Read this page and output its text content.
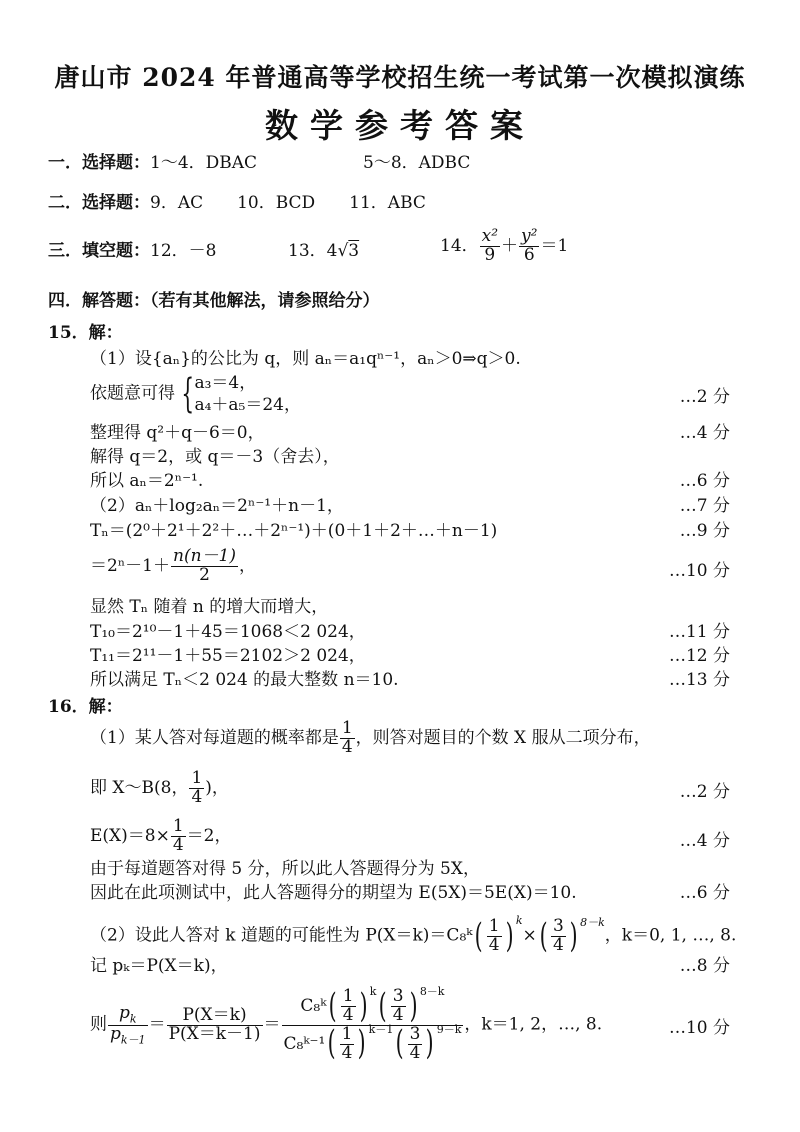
唐山市 2024 年普通高等学校招生统一考试第一次模拟演练
数学参考答案
一．选择题：1～4．DBAC	5～8．ADBC
二．选择题：9．AC　　10．BCD　　11．ABC
三．填空题：12．－8	13．4√3	14． $\frac{\text{x²}}{9} + \frac{\text{y²}}{6} =1$
四．解答题：（若有其他解法，请参照给分）
15．解：
（1）设{aₙ}的公比为 q，则 aₙ＝a₁qⁿ⁻¹，aₙ＞0⇒q＞0.
依题意可得 { a₃＝4，
a₄＋a₅＝24，	…2 分
整理得 q²＋q－6＝0，	…4 分
解得 q＝2，或 q＝－3（舍去），
所以 aₙ＝2ⁿ⁻¹.	…6 分
（2）aₙ＋log₂aₙ＝2ⁿ⁻¹＋n－1，	…7 分
Tₙ＝(2⁰＋2¹＋2²＋…＋2ⁿ⁻¹)＋(0＋1＋2＋…＋n－1)	…9 分
$=2^n-1+ \frac{n(n-1)}{2}$ ，	…10 分
显然 Tₙ 随着 n 的增大而增大，
T₁₀＝2¹⁰－1＋45＝1068＜2 024，	…11 分
T₁₁＝2¹¹－1＋55＝2102＞2 024，	…12 分
所以满足 Tₙ＜2 024 的最大整数 n＝10.	…13 分
16．解：
（1）某人答对每道题的概率都是 $\frac{1}{4}$ ，则答对题目的个数 X 服从二项分布，
即 X～B(8， $\frac{1}{4}$ )，	…2 分
$E(X)=8\times \frac{1}{4} =2$，	…4 分
由于每道题答对得 5 分，所以此人答题得分为 5X，
因此在此项测试中，此人答题得分的期望为 E(5X)＝5E(X)＝10.	…6 分
（2）设此人答对 k 道题的可能性为 P(X＝k)＝C₈ᵏ( $\frac{1}{4}$ ) $^k\times( \frac{3}{4}$ ) $^{8-k}$，k＝0, 1, …, 8.
记 pₖ＝P(X＝k)，	…8 分
则 $\frac{p_k}{p_{k-1}} = \frac{P(X=k)}{P(X=k-1)} = \frac{C_8ᵏ( \frac{1}{4} ) ^k( \frac{3}{4} ) ^{8-k}}{C_8ᵏ^{-1}( \frac{1}{4} ) ^{k-1}( \frac{3}{4} ) ^{9-k}}$ ，k＝1, 2，…, 8.	…10 分
